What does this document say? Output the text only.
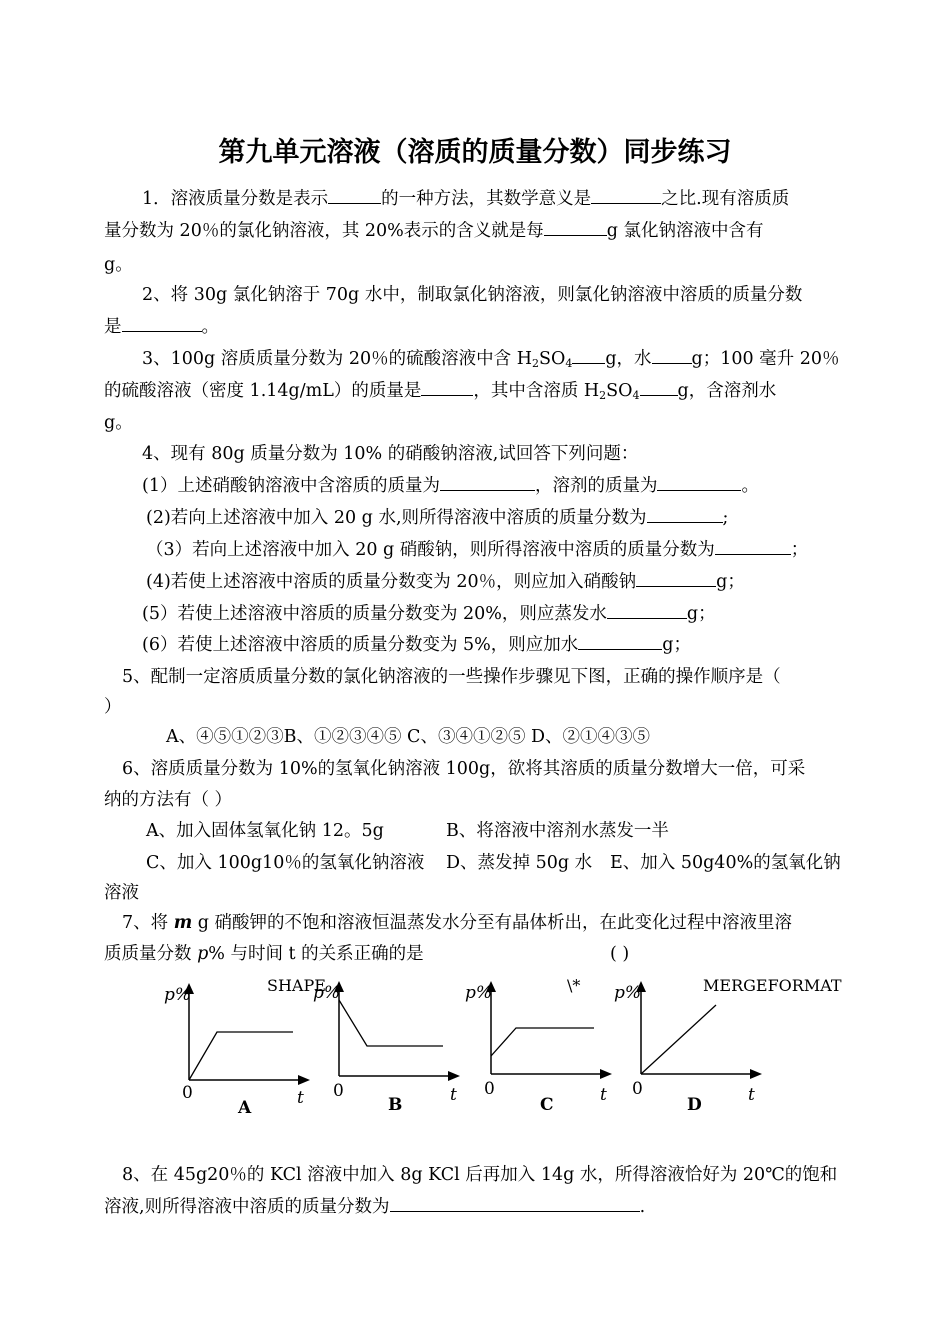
第九单元溶液（溶质的质量分数）同步练习
1．溶液质量分数是表示	的一种方法，其数学意义是	之比.现有溶质质
量分数为 20％的氯化钠溶液，其 20%表示的含义就是每	g 氯化钠溶液中含有
g。
2、将 30g 氯化钠溶于 70g 水中，制取氯化钠溶液，则氯化钠溶液中溶质的质量分数
是	。
3、100g 溶质质量分数为 20％的硫酸溶液中含 $H_2SO_4$ g，水 g；100 毫升 20％
的硫酸溶液（密度 1.14g/mL）的质量是	，其中含溶质 $H_2SO_4$ g，含溶剂水
g。
4、现有 80g 质量分数为 10% 的硝酸钠溶液,试回答下列问题：
(1）上述硝酸钠溶液中含溶质的质量为	，溶剂的质量为	。
(2)若向上述溶液中加入 20 g 水,则所得溶液中溶质的质量分数为	;
（3）若向上述溶液中加入 20 g 硝酸钠，则所得溶液中溶质的质量分数为	；
(4)若使上述溶液中溶质的质量分数变为 20％，则应加入硝酸钠	g；
(5）若使上述溶液中溶质的质量分数变为 20%，则应蒸发水	g；
(6）若使上述溶液中溶质的质量分数变为 5%，则应加水	g；
5、配制一定溶质质量分数的氯化钠溶液的一些操作步骤见下图，正确的操作顺序是（
）
A、④⑤①②③B、①②③④⑤ C、③④①②⑤ D、②①④③⑤
6、溶质质量分数为 10%的氢氧化钠溶液 100g，欲将其溶质的质量分数增大一倍，可采
纳的方法有（ ）
A、加入固体氢氧化钠 12。5g	B、将溶液中溶剂水蒸发一半
C、加入 100g10％的氢氧化钠溶液	D、蒸发掉 50g 水 E、加入 50g40%的氢氧化钠
溶液
7、将 m g 硝酸钾的不饱和溶液恒温蒸发水分至有晶体析出，在此变化过程中溶液里溶
质质量分数 p% 与时间 t 的关系正确的是	( )
SHAPE	\*	MERGEFORMAT
p%
0	t
A
p%
0	t
B
p%
0	t
C
p%
0	t
D
8、在 45g20％的 KCl 溶液中加入 8g KCl 后再加入 14g 水，所得溶液恰好为 20℃的饱和
溶液,则所得溶液中溶质的质量分数为	.
